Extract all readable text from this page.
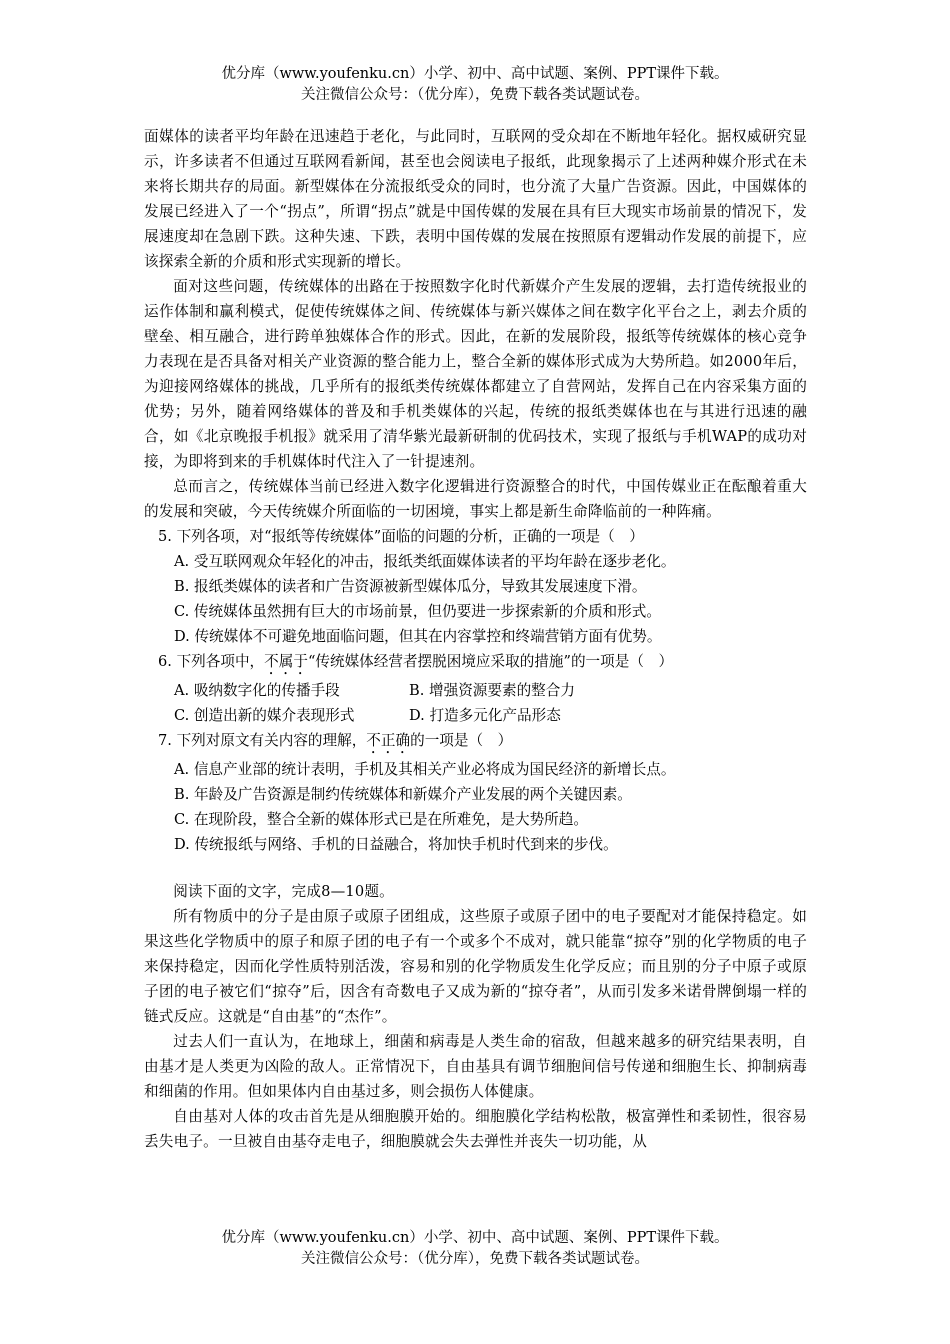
优分库（www.youfenku.cn）小学、初中、高中试题、案例、PPT课件下载。
关注微信公众号：（优分库），免费下载各类试题试卷。

面媒体的读者平均年龄在迅速趋于老化，与此同时，互联网的受众却在不断地年轻化。据权威研究显示，许多读者不但通过互联网看新闻，甚至也会阅读电子报纸，此现象揭示了上述两种媒介形式在未来将长期共存的局面。新型媒体在分流报纸受众的同时，也分流了大量广告资源。因此，中国媒体的发展已经进入了一个“拐点”，所谓“拐点”就是中国传媒的发展在具有巨大现实市场前景的情况下，发展速度却在急剧下跌。这种失速、下跌，表明中国传媒的发展在按照原有逻辑动作发展的前提下，应该探索全新的介质和形式实现新的增长。

面对这些问题，传统媒体的出路在于按照数字化时代新媒介产生发展的逻辑，去打造传统报业的运作体制和赢利模式，促使传统媒体之间、传统媒体与新兴媒体之间在数字化平台之上，剥去介质的壁垒、相互融合，进行跨单独媒体合作的形式。因此，在新的发展阶段，报纸等传统媒体的核心竞争力表现在是否具备对相关产业资源的整合能力上，整合全新的媒体形式成为大势所趋。如2000年后，为迎接网络媒体的挑战，几乎所有的报纸类传统媒体都建立了自营网站，发挥自己在内容采集方面的优势；另外，随着网络媒体的普及和手机类媒体的兴起，传统的报纸类媒体也在与其进行迅速的融合，如《北京晚报手机报》就采用了清华紫光最新研制的优码技术，实现了报纸与手机WAP的成功对接，为即将到来的手机媒体时代注入了一针提速剂。

总而言之，传统媒体当前已经进入数字化逻辑进行资源整合的时代，中国传媒业正在酝酿着重大的发展和突破，今天传统媒介所面临的一切困境，事实上都是新生命降临前的一种阵痛。

5. 下列各项，对“报纸等传统媒体”面临的问题的分析，正确的一项是（　）
A. 受互联网观众年轻化的冲击，报纸类纸面媒体读者的平均年龄在逐步老化。
B. 报纸类媒体的读者和广告资源被新型媒体瓜分，导致其发展速度下滑。
C. 传统媒体虽然拥有巨大的市场前景，但仍要进一步探索新的介质和形式。
D. 传统媒体不可避免地面临问题，但其在内容掌控和终端营销方面有优势。
6. 下列各项中，不属于“传统媒体经营者摆脱困境应采取的措施”的一项是（　）
A. 吸纳数字化的传播手段	B. 增强资源要素的整合力
C. 创造出新的媒介表现形式	D. 打造多元化产品形态
7. 下列对原文有关内容的理解，不正确的一项是（　）
A. 信息产业部的统计表明，手机及其相关产业必将成为国民经济的新增长点。
B. 年龄及广告资源是制约传统媒体和新媒介产业发展的两个关键因素。
C. 在现阶段，整合全新的媒体形式已是在所难免，是大势所趋。
D. 传统报纸与网络、手机的日益融合，将加快手机时代到来的步伐。

阅读下面的文字，完成8—10题。

所有物质中的分子是由原子或原子团组成，这些原子或原子团中的电子要配对才能保持稳定。如果这些化学物质中的原子和原子团的电子有一个或多个不成对，就只能靠“掠夺”别的化学物质的电子来保持稳定，因而化学性质特别活泼，容易和别的化学物质发生化学反应；而且别的分子中原子或原子团的电子被它们“掠夺”后，因含有奇数电子又成为新的“掠夺者”，从而引发多米诺骨牌倒塌一样的链式反应。这就是“自由基”的“杰作”。

过去人们一直认为，在地球上，细菌和病毒是人类生命的宿敌，但越来越多的研究结果表明，自由基才是人类更为凶险的敌人。正常情况下，自由基具有调节细胞间信号传递和细胞生长、抑制病毒和细菌的作用。但如果体内自由基过多，则会损伤人体健康。

自由基对人体的攻击首先是从细胞膜开始的。细胞膜化学结构松散，极富弹性和柔韧性，很容易丢失电子。一旦被自由基夺走电子，细胞膜就会失去弹性并丧失一切功能，从

优分库（www.youfenku.cn）小学、初中、高中试题、案例、PPT课件下载。
关注微信公众号：（优分库），免费下载各类试题试卷。
